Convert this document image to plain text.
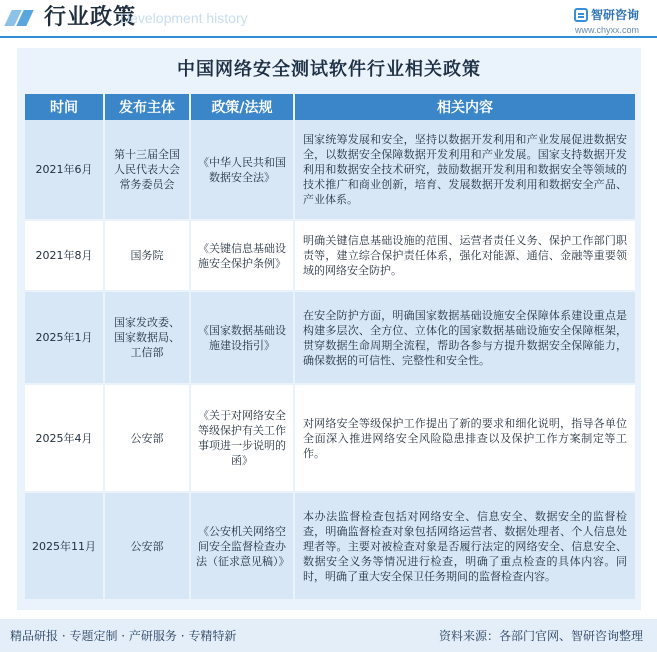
行业政策
Development history	智研咨询
www.chyxx.com
中国网络安全测试软件行业相关政策
时间	发布主体	政策/法规	相关内容
2021年6月	第十三届全国人民代表大会常务委员会	《中华人民共和国数据安全法》	国家统筹发展和安全，坚持以数据开发利用和产业发展促进数据安全，以数据安全保障数据开发利用和产业发展。国家支持数据开发利用和数据安全技术研究，鼓励数据开发利用和数据安全等领域的技术推广和商业创新，培育、发展数据开发利用和数据安全产品、产业体系。
2021年8月	国务院	《关键信息基础设施安全保护条例》	明确关键信息基础设施的范围、运营者责任义务、保护工作部门职责等，建立综合保护责任体系，强化对能源、通信、金融等重要领域的网络安全防护。
2025年1月	国家发改委、国家数据局、工信部	《国家数据基础设施建设指引》	在安全防护方面，明确国家数据基础设施安全保障体系建设重点是构建多层次、全方位、立体化的国家数据基础设施安全保障框架，贯穿数据生命周期全流程，帮助各参与方提升数据安全保障能力，确保数据的可信性、完整性和安全性。
2025年4月	公安部	《关于对网络安全等级保护有关工作事项进一步说明的函》	对网络安全等级保护工作提出了新的要求和细化说明，指导各单位全面深入推进网络安全风险隐患排查以及保护工作方案制定等工作。
2025年11月	公安部	《公安机关网络空间安全监督检查办法（征求意见稿）》	本办法监督检查包括对网络安全、信息安全、数据安全的监督检查，明确监督检查对象包括网络运营者、数据处理者、个人信息处理者等。主要对被检查对象是否履行法定的网络安全、信息安全、数据安全义务等情况进行检查，明确了重点检查的具体内容。同时，明确了重大安全保卫任务期间的监督检查内容。
精品研报 · 专题定制 · 产研服务 · 专精特新	资料来源：各部门官网、智研咨询整理
